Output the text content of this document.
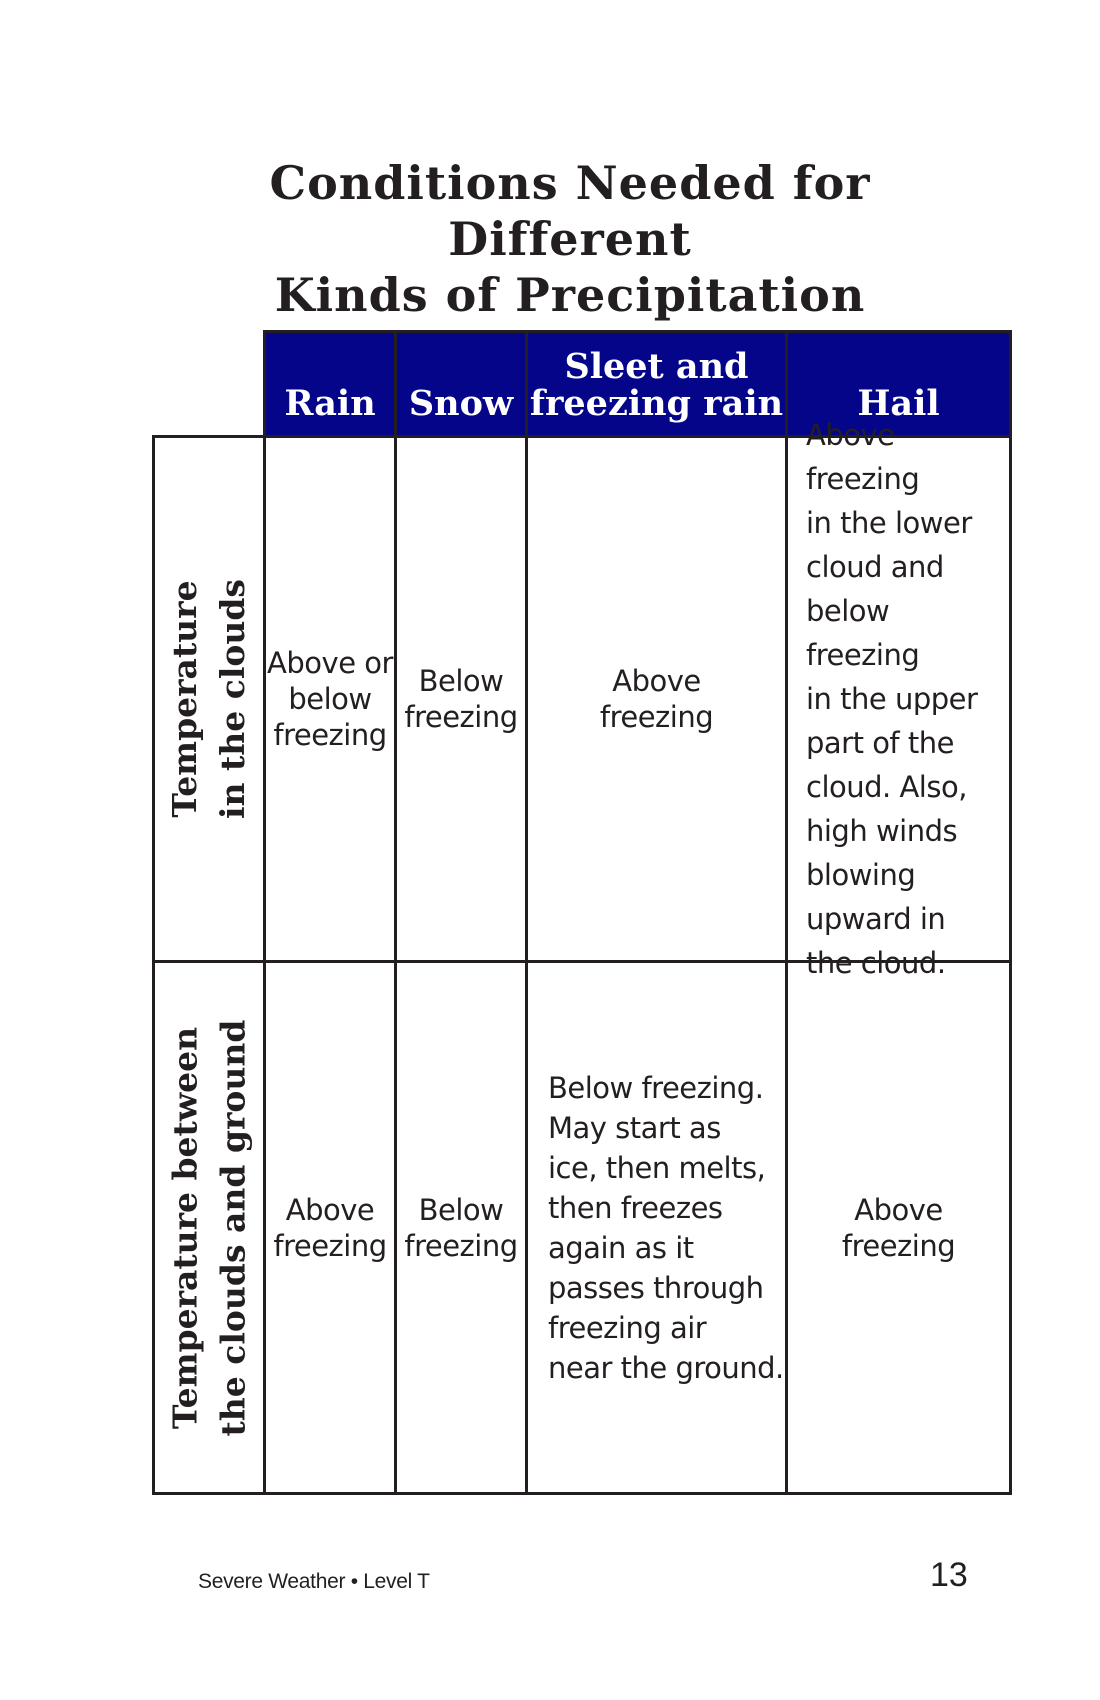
Conditions Needed for Different
Kinds of Precipitation
Rain Snow
Sleet and
freezing rain Hail
Temperature in the clouds Above or
below
freezing
Below
freezing
Above
freezing
Above freezing
in the lower
cloud and
below freezing
in the upper
part of the
cloud. Also,
high winds
blowing
upward in
the cloud.
Temperature between the clouds and ground	Above
freezing
Below
freezing
Below freezing.
May start as
ice, then melts,
then freezes
again as it
passes through
freezing air
near the ground.
Above
freezing
Severe Weather • Level T	13
